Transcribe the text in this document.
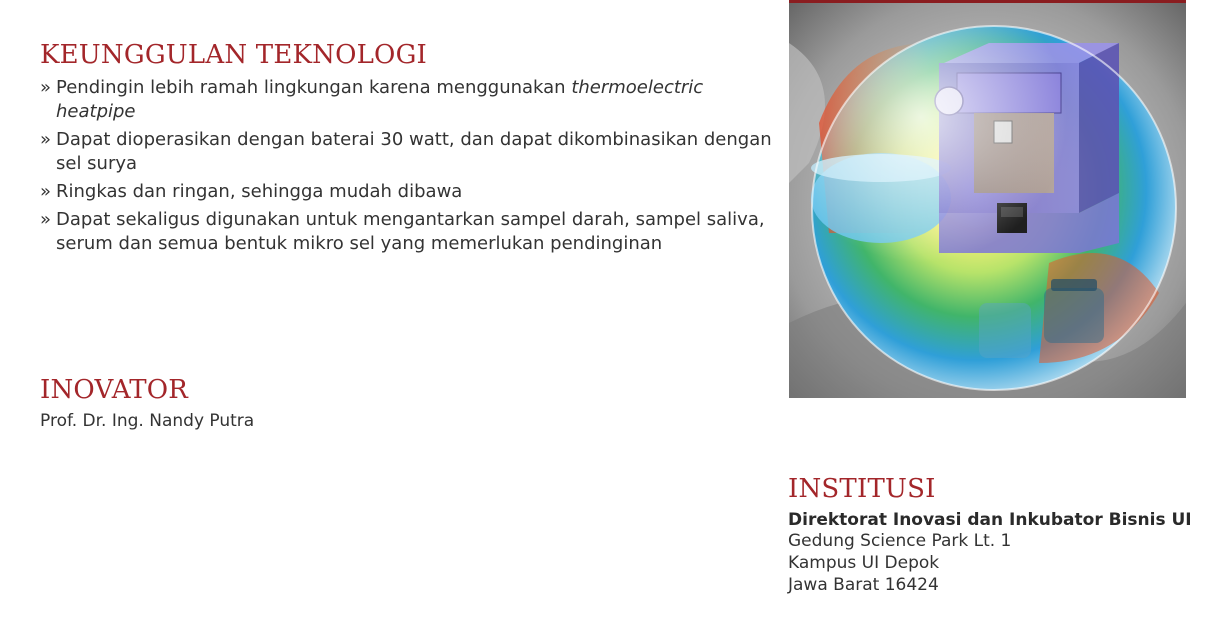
KEUNGGULAN TEKNOLOGI
» Pendingin lebih ramah lingkungan karena menggunakan thermoelectric heatpipe
» Dapat dioperasikan dengan baterai 30 watt, dan dapat dikombinasikan dengan sel surya
» Ringkas dan ringan, sehingga mudah dibawa
» Dapat sekaligus digunakan untuk mengantarkan sampel darah, sampel saliva, serum dan semua bentuk mikro sel yang memerlukan pendinginan
INOVATOR
Prof. Dr. Ing. Nandy Putra
INSTITUSI
Direktorat Inovasi dan Inkubator Bisnis UI
Gedung Science Park Lt. 1
Kampus UI Depok
Jawa Barat 16424
